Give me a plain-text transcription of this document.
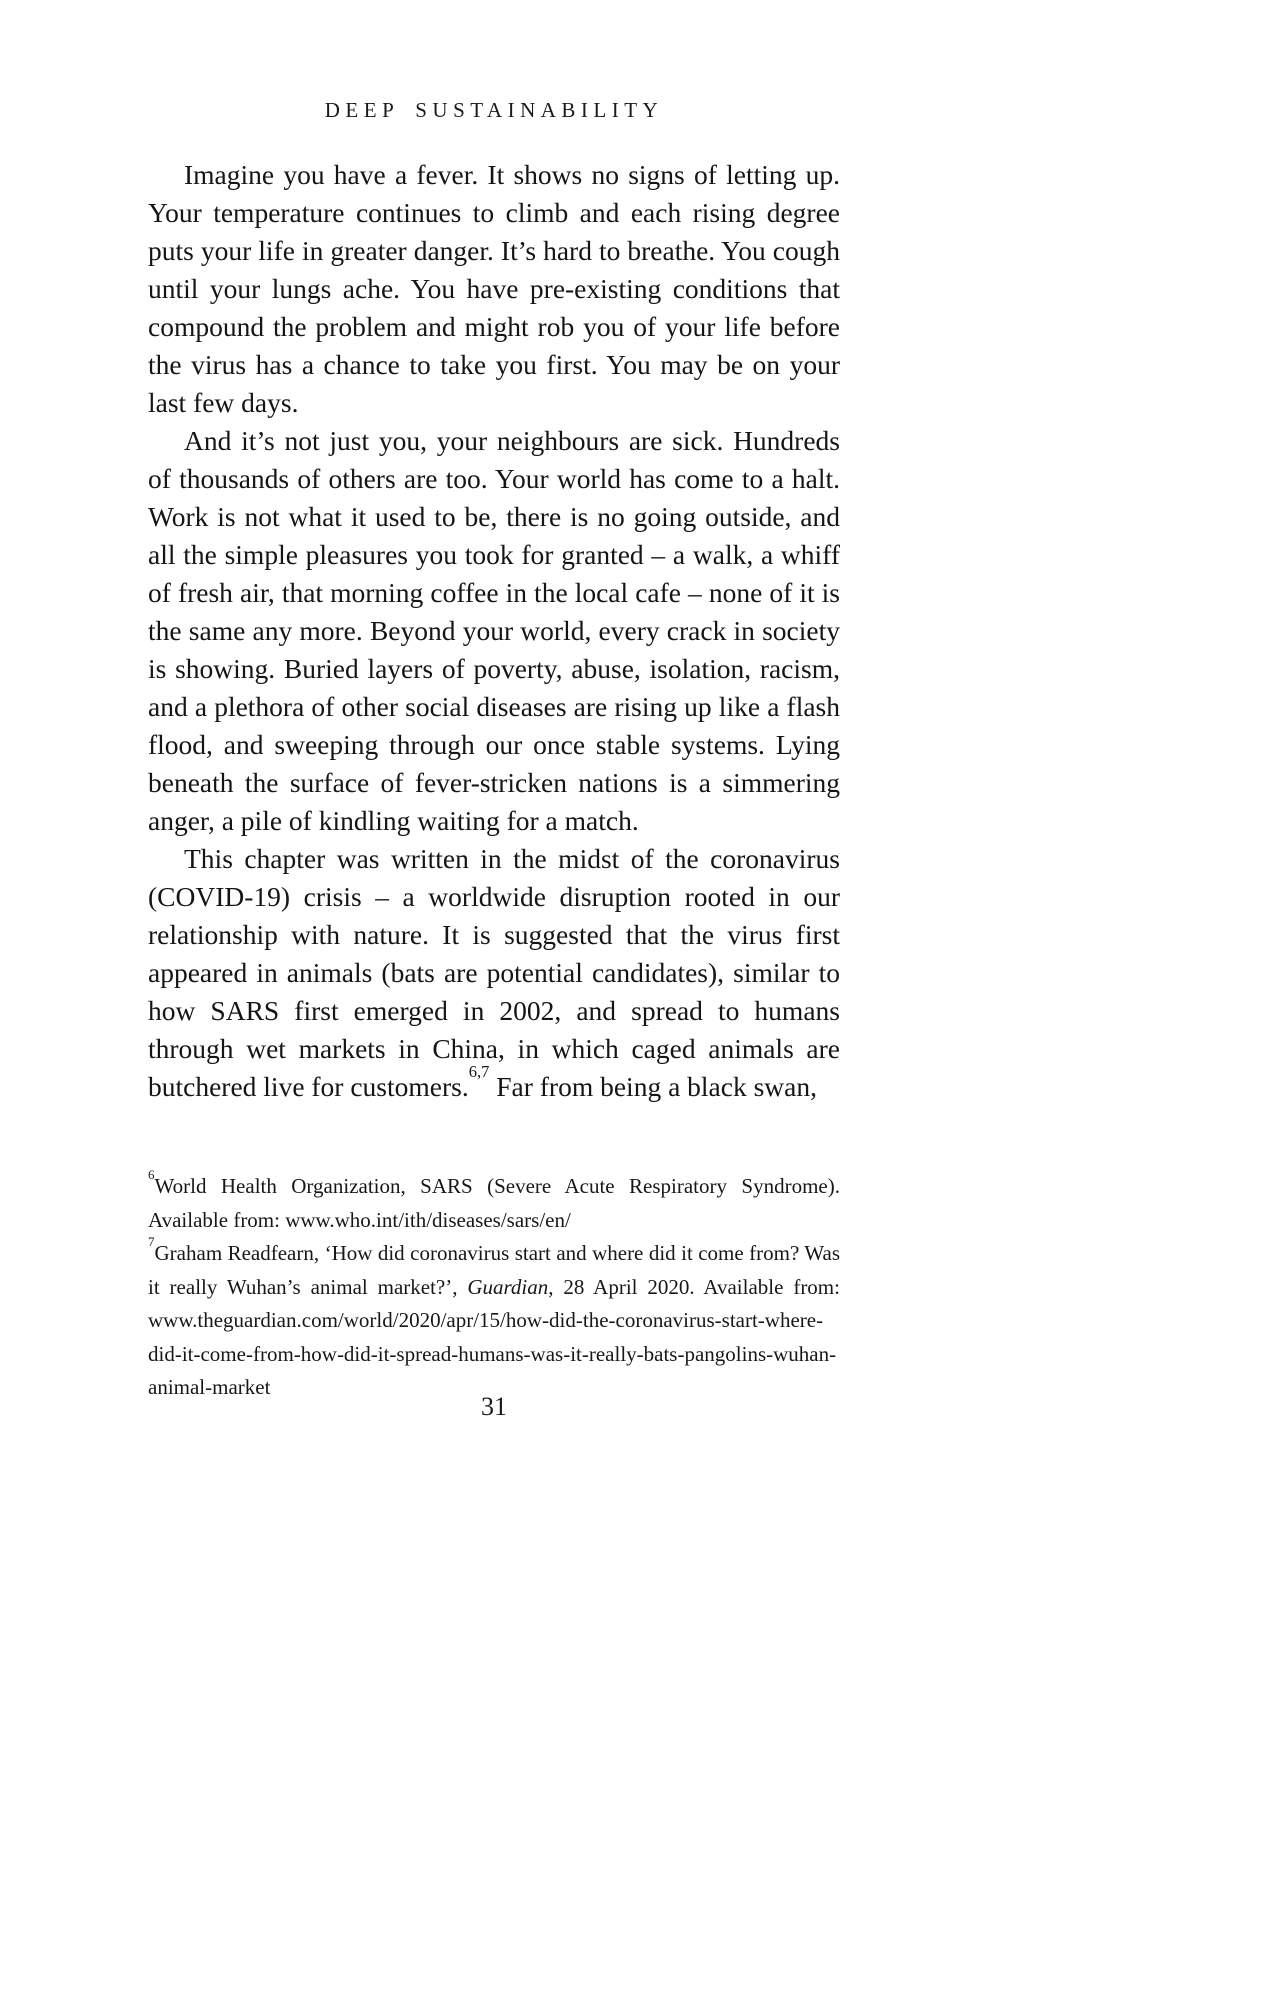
DEEP SUSTAINABILITY

Imagine you have a fever. It shows no signs of letting up. Your temperature continues to climb and each rising degree puts your life in greater danger. It’s hard to breathe. You cough until your lungs ache. You have pre-existing conditions that compound the problem and might rob you of your life before the virus has a chance to take you first. You may be on your last few days.

And it’s not just you, your neighbours are sick. Hundreds of thousands of others are too. Your world has come to a halt. Work is not what it used to be, there is no going outside, and all the simple pleasures you took for granted – a walk, a whiff of fresh air, that morning coffee in the local cafe – none of it is the same any more. Beyond your world, every crack in society is showing. Buried layers of poverty, abuse, isolation, racism, and a plethora of other social diseases are rising up like a flash flood, and sweeping through our once stable systems. Lying beneath the surface of fever-stricken nations is a simmering anger, a pile of kindling waiting for a match.

This chapter was written in the midst of the coronavirus (COVID-19) crisis – a worldwide disruption rooted in our relationship with nature. It is suggested that the virus first appeared in animals (bats are potential candidates), similar to how SARS first emerged in 2002, and spread to humans through wet markets in China, in which caged animals are butchered live for customers.$^{6,7}$ Far from being a black swan,

$^6$World Health Organization, SARS (Severe Acute Respiratory Syndrome). Available from: www.who.int/ith/diseases/sars/en/

$^7$Graham Readfearn, ‘How did coronavirus start and where did it come from? Was it really Wuhan’s animal market?’, Guardian, 28 April 2020. Available from: www.theguardian.com/world/2020/apr/15/how-did-the-coronavirus-start-where-did-it-come-from-how-did-it-spread-humans-was-it-really-bats-pangolins-wuhan-animal-market

31
